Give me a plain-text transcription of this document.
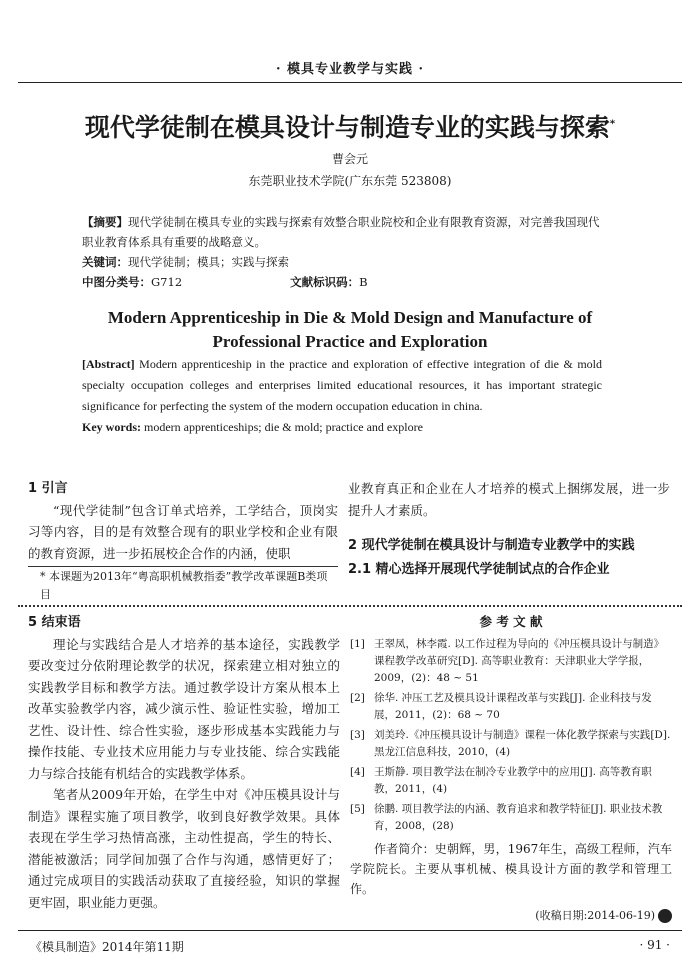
· 模具专业教学与实践 ·
现代学徒制在模具设计与制造专业的实践与探索*
曹会元
东莞职业技术学院(广东东莞 523808)
【摘要】现代学徒制在模具专业的实践与探索有效整合职业院校和企业有限教育资源，对完善我国现代职业教育体系具有重要的战略意义。
关键词：现代学徒制；模具；实践与探索
中图分类号：G712	文献标识码：B
Modern Apprenticeship in Die & Mold Design and Manufacture of Professional Practice and Exploration
[Abstract] Modern apprenticeship in the practice and exploration of effective integration of die & mold specialty occupation colleges and enterprises limited educational resources, it has important strategic significance for perfecting the system of the modern occupation education in china.
Key words: modern apprenticeships; die & mold; practice and explore
1 引言

“现代学徒制”包含订单式培养，工学结合，顶岗实习等内容，目的是有效整合现有的职业学校和企业有限的教育资源，进一步拓展校企合作的内涵，使职

* 本课题为2013年“粤高职机械教指委”教学改革课题B类项目

业教育真正和企业在人才培养的模式上捆绑发展，进一步提升人才素质。

2 现代学徒制在模具设计与制造专业教学中的实践
2.1 精心选择开展现代学徒制试点的合作企业
5 结束语

理论与实践结合是人才培养的基本途径，实践教学要改变过分依附理论教学的状况，探索建立相对独立的实践教学目标和教学方法。通过教学设计方案从根本上改革实验教学内容，减少演示性、验证性实验，增加工艺性、设计性、综合性实验，逐步形成基本实践能力与操作技能、专业技术应用能力与专业技能、综合实践能力与综合技能有机结合的实践教学体系。

笔者从2009年开始，在学生中对《冲压模具设计与制造》课程实施了项目教学，收到良好教学效果。具体表现在学生学习热情高涨，主动性提高，学生的特长、潜能被激活；同学间加强了合作与沟通，感情更好了；通过完成项目的实践活动获取了直接经验，知识的掌握更牢固，职业能力更强。

参 考 文 献
[1] 王翠凤，林李霞. 以工作过程为导向的《冲压模具设计与制造》课程教学改革研究[D]. 高等职业教育：天津职业大学学报，2009，(2)：48 ~ 51
[2] 徐华. 冲压工艺及模具设计课程改革与实践[J]. 企业科技与发展，2011，(2)：68 ~ 70
[3] 刘美玲.《冲压模具设计与制造》课程一体化教学探索与实践[D]. 黑龙江信息科技，2010，(4)
[4] 王斯静. 项目教学法在制冷专业教学中的应用[J]. 高等教育职教，2011，(4)
[5] 徐鹏. 项目教学法的内涵、教育追求和教学特征[J]. 职业技术教育，2008，(28)

作者简介：史朝辉，男，1967年生，高级工程师，汽车学院院长。主要从事机械、模具设计方面的教学和管理工作。

(收稿日期:2014-06-19)
《模具制造》2014年第11期	· 91 ·
